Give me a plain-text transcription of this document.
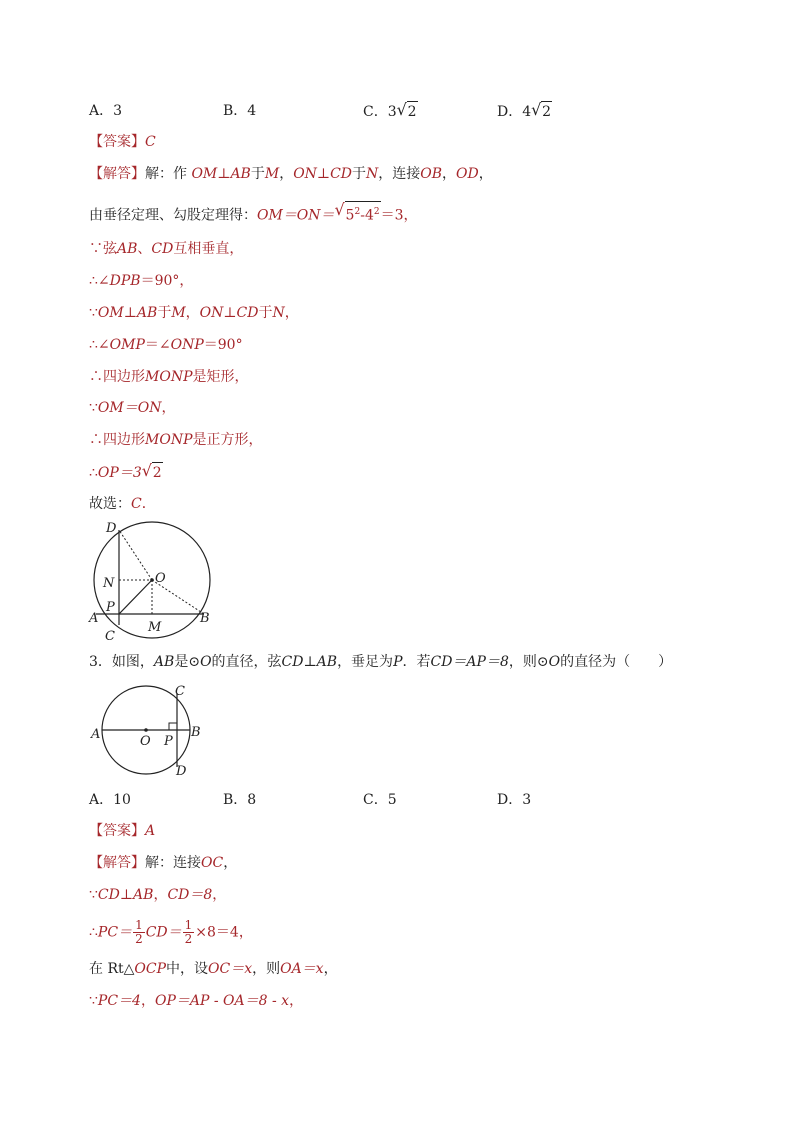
A．3	B．4	C．3 √ 2	D．4 √ 2
【答案】C
【解答】解：作 OM⊥AB于M，ON⊥CD于N，连接OB，OD，
由垂径定理、勾股定理得：OM＝ON＝ √ $5^2-4^2=3$，
∵弦AB、CD互相垂直，
∴∠DPB＝90°，
∵OM⊥AB于M，ON⊥CD于N，
∴∠OMP＝∠ONP＝90°
∴四边形MONP是矩形，
∵OM＝ON，
∴四边形MONP是正方形，
∴OP＝3 √ 2
故选：C．
D
O
N
P
A
C
M
B
3．如图，AB是⊙O的直径，弦CD⊥AB，垂足为P．若CD＝AP＝8，则⊙O的直径为（　　）
C
A	O P
B
D
A．10	B．8	C．5	D．3
【答案】A
【解答】解：连接OC，
∵CD⊥AB，CD＝8，
∴PC＝ $\frac{1}{2} CD= \frac{1}{2} \times 8=4$，
在 Rt△OCP中，设OC＝x，则OA＝x，
∵PC＝4，OP＝AP - OA＝8 - x，
